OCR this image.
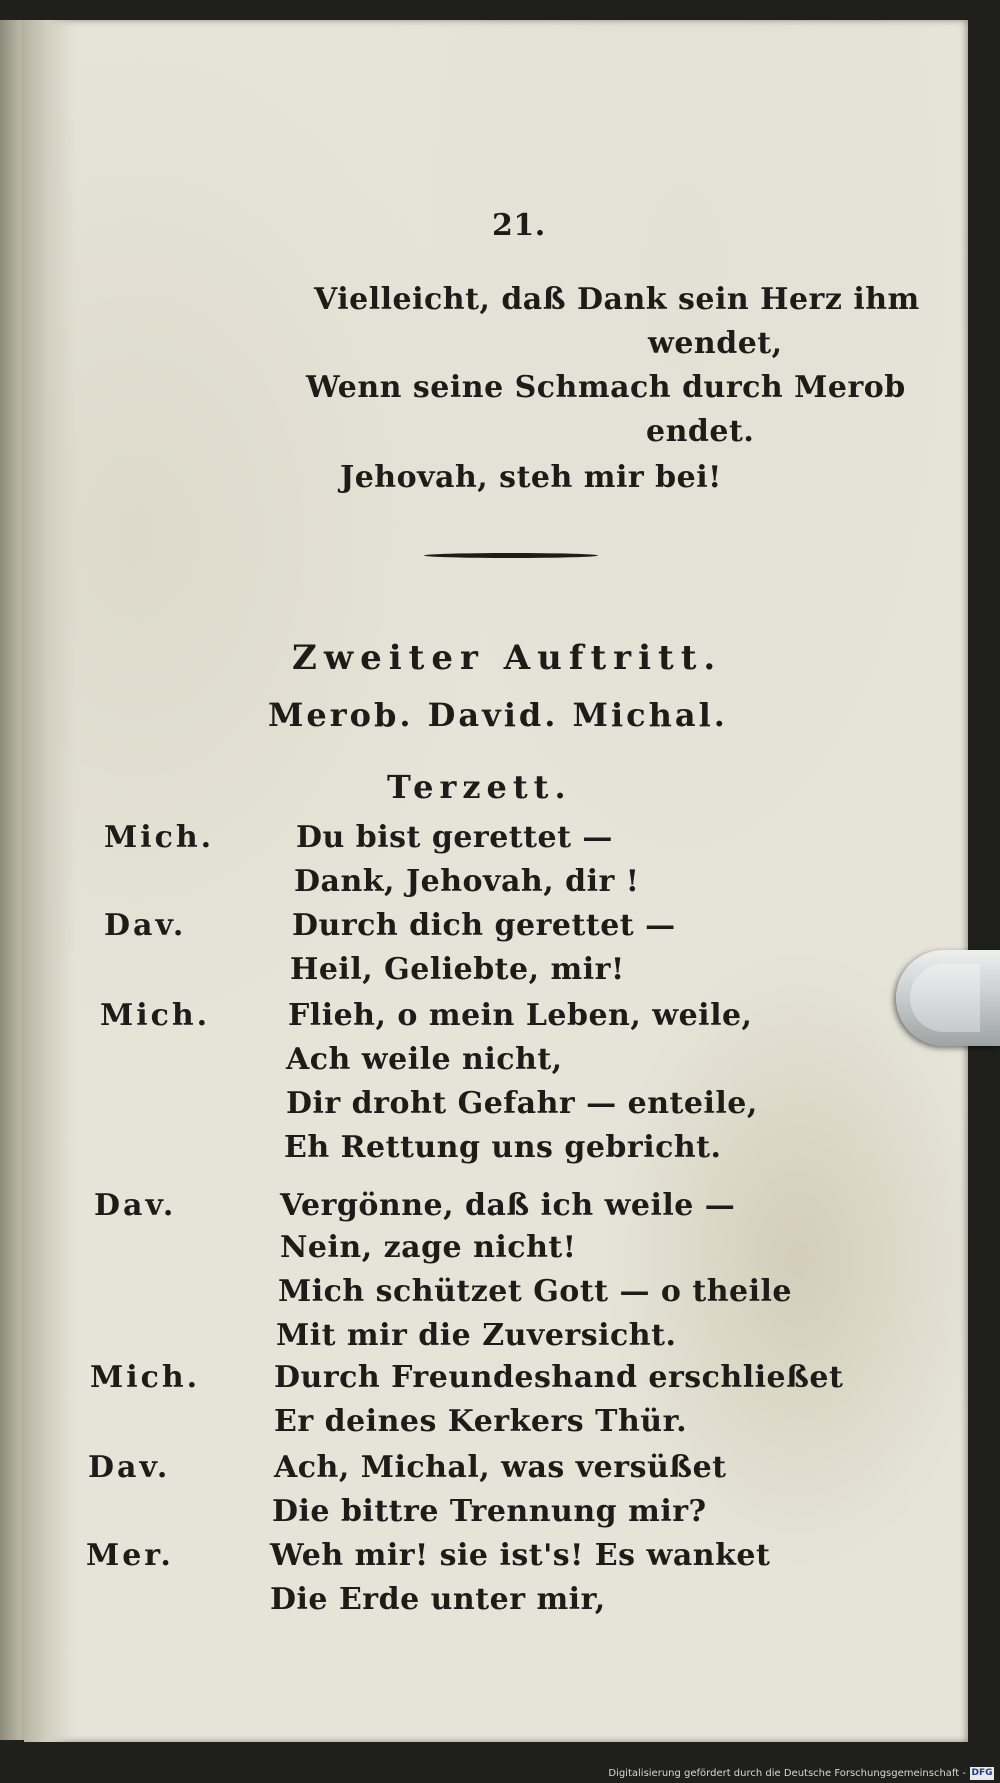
21.
Vielleicht, daß Dank sein Herz ihm
wendet,
Wenn seine Schmach durch Merob
endet.
Jehovah, steh mir bei!
Zweiter Auftritt.
Merob. David. Michal.
Terzett.
Mich.
Dav.
Mich.
Dav.
Mich.
Dav.
Mer.
Du bist gerettet —
Dank, Jehovah, dir !
Durch dich gerettet —
Heil, Geliebte, mir!
Flieh, o mein Leben, weile,
Ach weile nicht,
Dir droht Gefahr — enteile,
Eh Rettung uns gebricht.
Vergönne, daß ich weile —
Nein, zage nicht!
Mich schützet Gott — o theile
Mit mir die Zuversicht.
Durch Freundeshand erschließet
Er deines Kerkers Thür.
Ach, Michal, was versüßet
Die bittre Trennung mir?
Weh mir! sie ist's! Es wanket
Die Erde unter mir,
Digitalisierung gefördert durch die Deutsche Forschungsgemeinschaft - DFG
